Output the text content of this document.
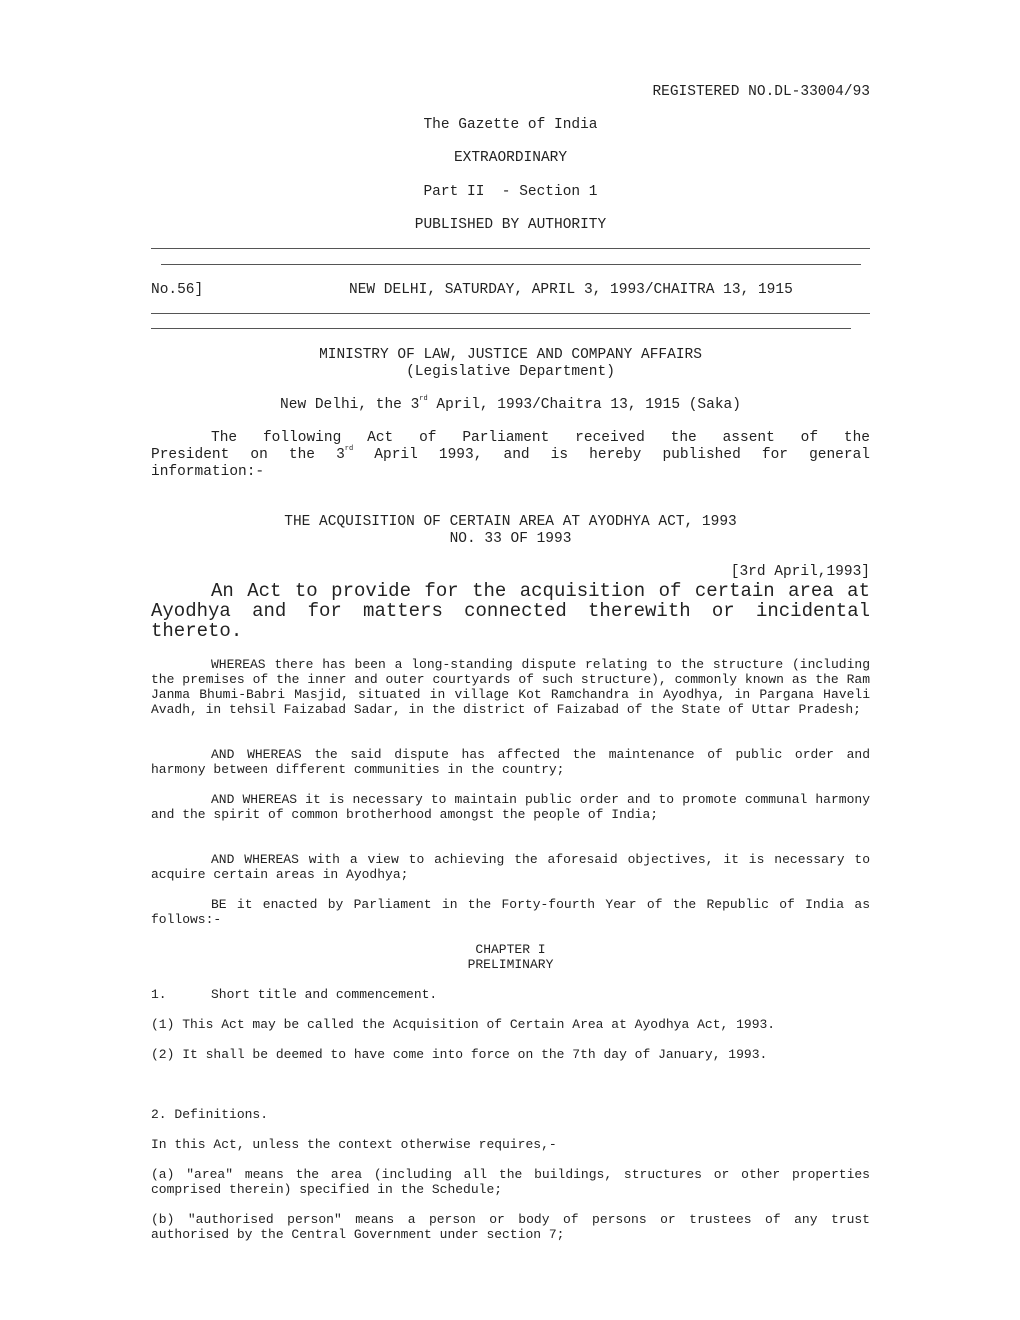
REGISTERED NO.DL-33004/93
The Gazette of India
EXTRAORDINARY
Part II  - Section 1
PUBLISHED BY AUTHORITY
No.56]	NEW DELHI, SATURDAY, APRIL 3, 1993/CHAITRA 13, 1915
MINISTRY OF LAW, JUSTICE AND COMPANY AFFAIRS
(Legislative Department)
New Delhi, the 3rd April, 1993/Chaitra 13, 1915 (Saka)
The following Act of Parliament received the assent of the
President on the 3rd April 1993, and is hereby published for general
information:-
THE ACQUISITION OF CERTAIN AREA AT AYODHYA ACT, 1993
NO. 33 OF 1993
[3rd April,1993]
An Act to provide for the acquisition of certain area at Ayodhya and for matters connected therewith or incidental thereto.
WHEREAS there has been a long-standing dispute relating to the structure (including the premises of the inner and outer courtyards of such structure), commonly known as the Ram Janma Bhumi-Babri Masjid, situated in village Kot Ramchandra in Ayodhya, in Pargana Haveli Avadh, in tehsil Faizabad Sadar, in the district of Faizabad of the State of Uttar Pradesh;
AND WHEREAS the said dispute has affected the maintenance of public order and harmony between different communities in the country;
AND WHEREAS it is necessary to maintain public order and to promote communal harmony and the spirit of common brotherhood amongst the people of India;
AND WHEREAS with a view to achieving the aforesaid objectives, it is necessary to acquire certain areas in Ayodhya;
BE it enacted by Parliament in the Forty-fourth Year of the Republic of India as follows:-
CHAPTER I
PRELIMINARY
1.	Short title and commencement.
(1) This Act may be called the Acquisition of Certain Area at Ayodhya Act, 1993.
(2) It shall be deemed to have come into force on the 7th day of January, 1993.
2. Definitions.
In this Act, unless the context otherwise requires,-
(a) "area" means the area (including all the buildings, structures or other properties comprised therein) specified in the Schedule;
(b) "authorised person" means a person or body of persons or trustees of any trust authorised by the Central Government under section 7;
